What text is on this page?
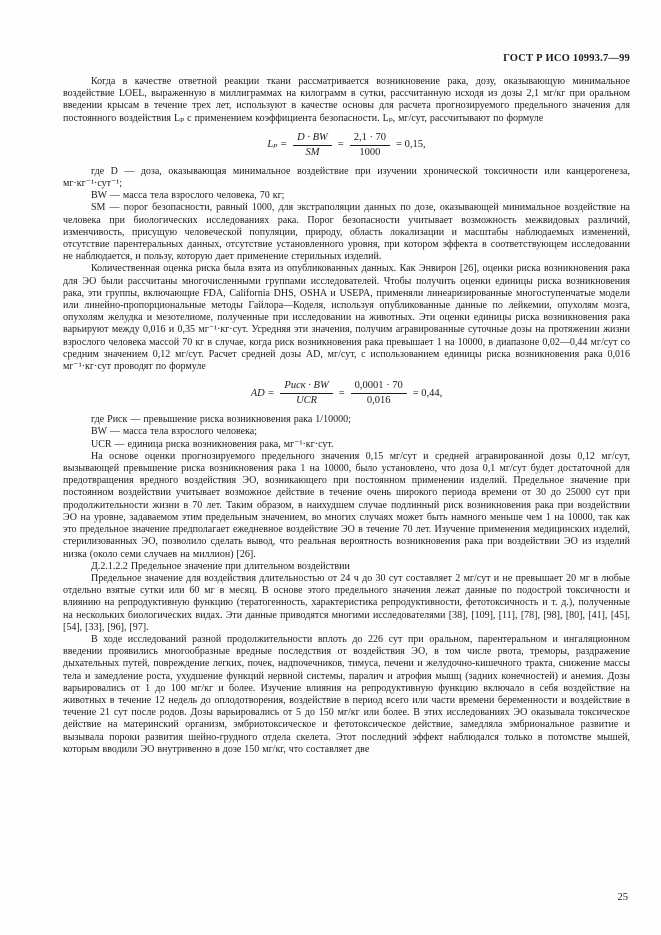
ГОСТ Р ИСО 10993.7—99

Когда в качестве ответной реакции ткани рассматривается возникновение рака, дозу, оказывающую минимальное воздействие LOEL, выраженную в миллиграммах на килограмм в сутки, рассчитанную исходя из дозы 2,1 мг/кг при оральном введении крысам в течение трех лет, используют в качестве основы для расчета прогнозируемого предельного значения для постоянного воздействия Lₚ с применением коэффициента безопасности. Lₚ, мг/сут, рассчитывают по формуле

$L_p = \frac{D \cdot BW}{SM} = \frac{2,1 \cdot 70}{1000} = 0,15$,

где D — доза, оказывающая минимальное воздействие при изучении хронической токсичности или канцерогенеза, мг·кг⁻¹·сут⁻¹;

BW — масса тела взрослого человека, 70 кг;

SM — порог безопасности, равный 1000, для экстраполяции данных по дозе, оказывающей минимальное воздействие на человека при биологических исследованиях рака. Порог безопасности учитывает возможность межвидовых различий, изменчивость, присущую человеческой популяции, природу, область локализации и масштабы наблюдаемых изменений, отсутствие парентеральных данных, отсутствие установленного уровня, при котором эффекта в соответствующем исследовании не наблюдается, и пользу, которую дает применение стерильных изделий.

Количественная оценка риска была взята из опубликованных данных. Как Энвирон [26], оценки риска возникновения рака для ЭО были рассчитаны многочисленными группами исследователей. Чтобы получить оценки единицы риска возникновения рака, эти группы, включающие FDA, California DHS, OSHA и USEPA, применяли линеаризированные многоступенчатые модели или линейно-пропорциональные методы Гайлора—Коделя, используя опубликованные данные по лейкемии, опухолям мозга, опухолям желудка и мезотелиоме, полученные при исследовании на животных. Эти оценки единицы риска возникновения рака варьируют между 0,016 и 0,35 мг⁻¹·кг·сут. Усредняя эти значения, получим агравированные суточные дозы на протяжении жизни взрослого человека массой 70 кг в случае, когда риск возникновения рака превышает 1 на 10000, в диапазоне 0,02—0,44 мг/сут со средним значением 0,12 мг/сут. Расчет средней дозы AD, мг/сут, с использованием единицы риска возникновения рака 0,016 мг⁻¹·кг·сут проводят по формуле

AD = $\frac{\text{Риск · BW}}{\text{UCR}} = \frac{0,0001 \cdot 70}{0,016} = 0,44$,

где Риск — превышение риска возникновения рака 1/10000;

BW — масса тела взрослого человека;

UCR — единица риска возникновения рака, мг⁻¹·кг·сут.

На основе оценки прогнозируемого предельного значения 0,15 мг/сут и средней агравированной дозы 0,12 мг/сут, вызывающей превышение риска возникновения рака 1 на 10000, было установлено, что доза 0,1 мг/сут будет достаточной для предотвращения вредного воздействия ЭО, возникающего при постоянном применении изделий. Предельное значение при постоянном воздействии учитывает возможное действие в течение очень широкого периода времени от 30 до 25000 сут при продолжительности жизни в 70 лет. Таким образом, в наихудшем случае подлинный риск возникновения рака при воздействии ЭО на уровне, задаваемом этим предельным значением, во многих случаях может быть намного меньше чем 1 на 10000, так как это предельное значение предполагает ежедневное воздействие ЭО в течение 70 лет. Изучение применения медицинских изделий, стерилизованных ЭО, позволило сделать вывод, что реальная вероятность возникновения рака при воздействии ЭО из изделий низка (около семи случаев на миллион) [26].

Д.2.1.2.2 Предельное значение при длительном воздействии

Предельное значение для воздействия длительностью от 24 ч до 30 сут составляет 2 мг/сут и не превышает 20 мг в любые отдельно взятые сутки или 60 мг в месяц. В основе этого предельного значения лежат данные по подострой токсичности и влиянию на репродуктивную функцию (тератогенность, характеристика репродуктивности, фетотоксичность и т. д.), полученные на нескольких биологических видах. Эти данные приводятся многими исследователями [38], [109], [11], [78], [98], [80], [41], [45], [54], [33], [96], [97].

В ходе исследований разной продолжительности вплоть до 226 сут при оральном, парентеральном и ингаляционном введении проявились многообразные вредные последствия от воздействия ЭО, в том числе рвота, треморы, раздражение дыхательных путей, повреждение легких, почек, надпочечников, тимуса, печени и желудочно-кишечного тракта, снижение массы тела и замедление роста, ухудшение функций нервной системы, паралич и атрофия мышц (задних конечностей) и анемия. Дозы варьировались от 1 до 100 мг/кг и более. Изучение влияния на репродуктивную функцию включало в себя воздействие на животных в течение 12 недель до оплодотворения, воздействие в период всего или части времени беременности и воздействие в течение 21 сут после родов. Дозы варьировались от 5 до 150 мг/кг или более. В этих исследованиях ЭО оказывала токсическое действие на материнский организм, эмбриотоксическое и фетотоксическое действие, замедляла эмбриональное развитие и вызывала пороки развития шейно-грудного отдела скелета. Этот последний эффект наблюдался только в потомстве мышей, которым вводили ЭО внутривенно в дозе 150 мг/кг, что составляет две

25
